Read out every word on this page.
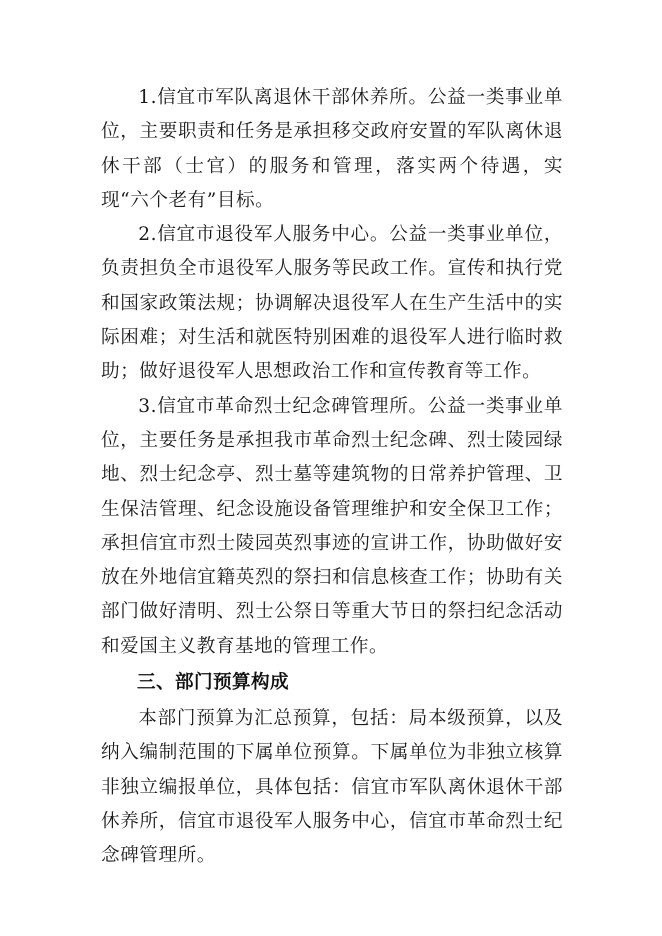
1.信宜市军队离退休干部休养所。公益一类事业单位，主要职责和任务是承担移交政府安置的军队离休退休干部（士官）的服务和管理，落实两个待遇，实现“六个老有”目标。

2.信宜市退役军人服务中心。公益一类事业单位，负责担负全市退役军人服务等民政工作。宣传和执行党和国家政策法规；协调解决退役军人在生产生活中的实际困难；对生活和就医特别困难的退役军人进行临时救助；做好退役军人思想政治工作和宣传教育等工作。

3.信宜市革命烈士纪念碑管理所。公益一类事业单位，主要任务是承担我市革命烈士纪念碑、烈士陵园绿地、烈士纪念亭、烈士墓等建筑物的日常养护管理、卫生保洁管理、纪念设施设备管理维护和安全保卫工作；承担信宜市烈士陵园英烈事迹的宣讲工作，协助做好安放在外地信宜籍英烈的祭扫和信息核查工作；协助有关部门做好清明、烈士公祭日等重大节日的祭扫纪念活动和爱国主义教育基地的管理工作。

三、部门预算构成

本部门预算为汇总预算，包括：局本级预算，以及纳入编制范围的下属单位预算。下属单位为非独立核算非独立编报单位，具体包括：信宜市军队离休退休干部休养所，信宜市退役军人服务中心，信宜市革命烈士纪念碑管理所。
